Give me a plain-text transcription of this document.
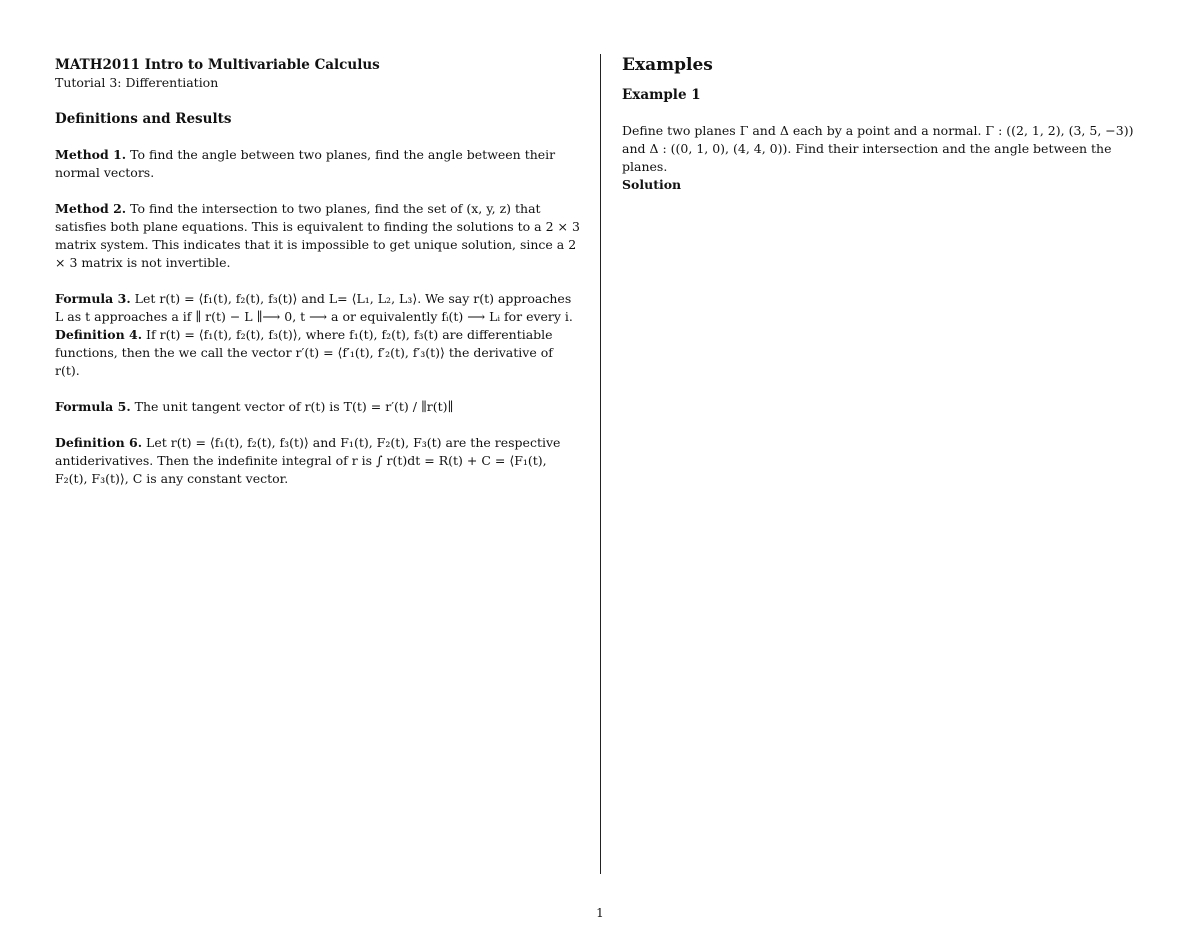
MATH2011 Intro to Multivariable Calculus
Tutorial 3: Differentiation
Definitions and Results

Method 1. To find the angle between two planes, find the angle between their normal vectors.

Method 2. To find the intersection to two planes, find the set of (x, y, z) that satisfies both plane equations. This is equivalent to finding the solutions to a 2 × 3 matrix system. This indicates that it is impossible to get unique solution, since a 2 × 3 matrix is not invertible.

Formula 3. Let r(t) = ⟨f₁(t), f₂(t), f₃(t)⟩ and L= ⟨L₁, L₂, L₃⟩. We say r(t) approaches L as t approaches a if ∥ r(t) − L ∥⟶ 0, t ⟶ a or equivalently fᵢ(t) ⟶ Lᵢ for every i.

Definition 4. If r(t) = ⟨f₁(t), f₂(t), f₃(t)⟩, where f₁(t), f₂(t), f₃(t) are differentiable functions, then the we call the vector r′(t) = ⟨f′₁(t), f′₂(t), f′₃(t)⟩ the derivative of r(t).

Formula 5. The unit tangent vector of r(t) is T(t) = r′(t) / ∥r(t)∥

Definition 6. Let r(t) = ⟨f₁(t), f₂(t), f₃(t)⟩ and F₁(t), F₂(t), F₃(t) are the respective antiderivatives. Then the indefinite integral of r is ∫ r(t)dt = R(t) + C = ⟨F₁(t), F₂(t), F₃(t)⟩, C is any constant vector.

Examples
Example 1
Define two planes Γ and Δ each by a point and a normal. Γ : ((2, 1, 2), (3, 5, −3)) and Δ : ((0, 1, 0), (4, 4, 0)). Find their intersection and the angle between the planes.
Solution
1
